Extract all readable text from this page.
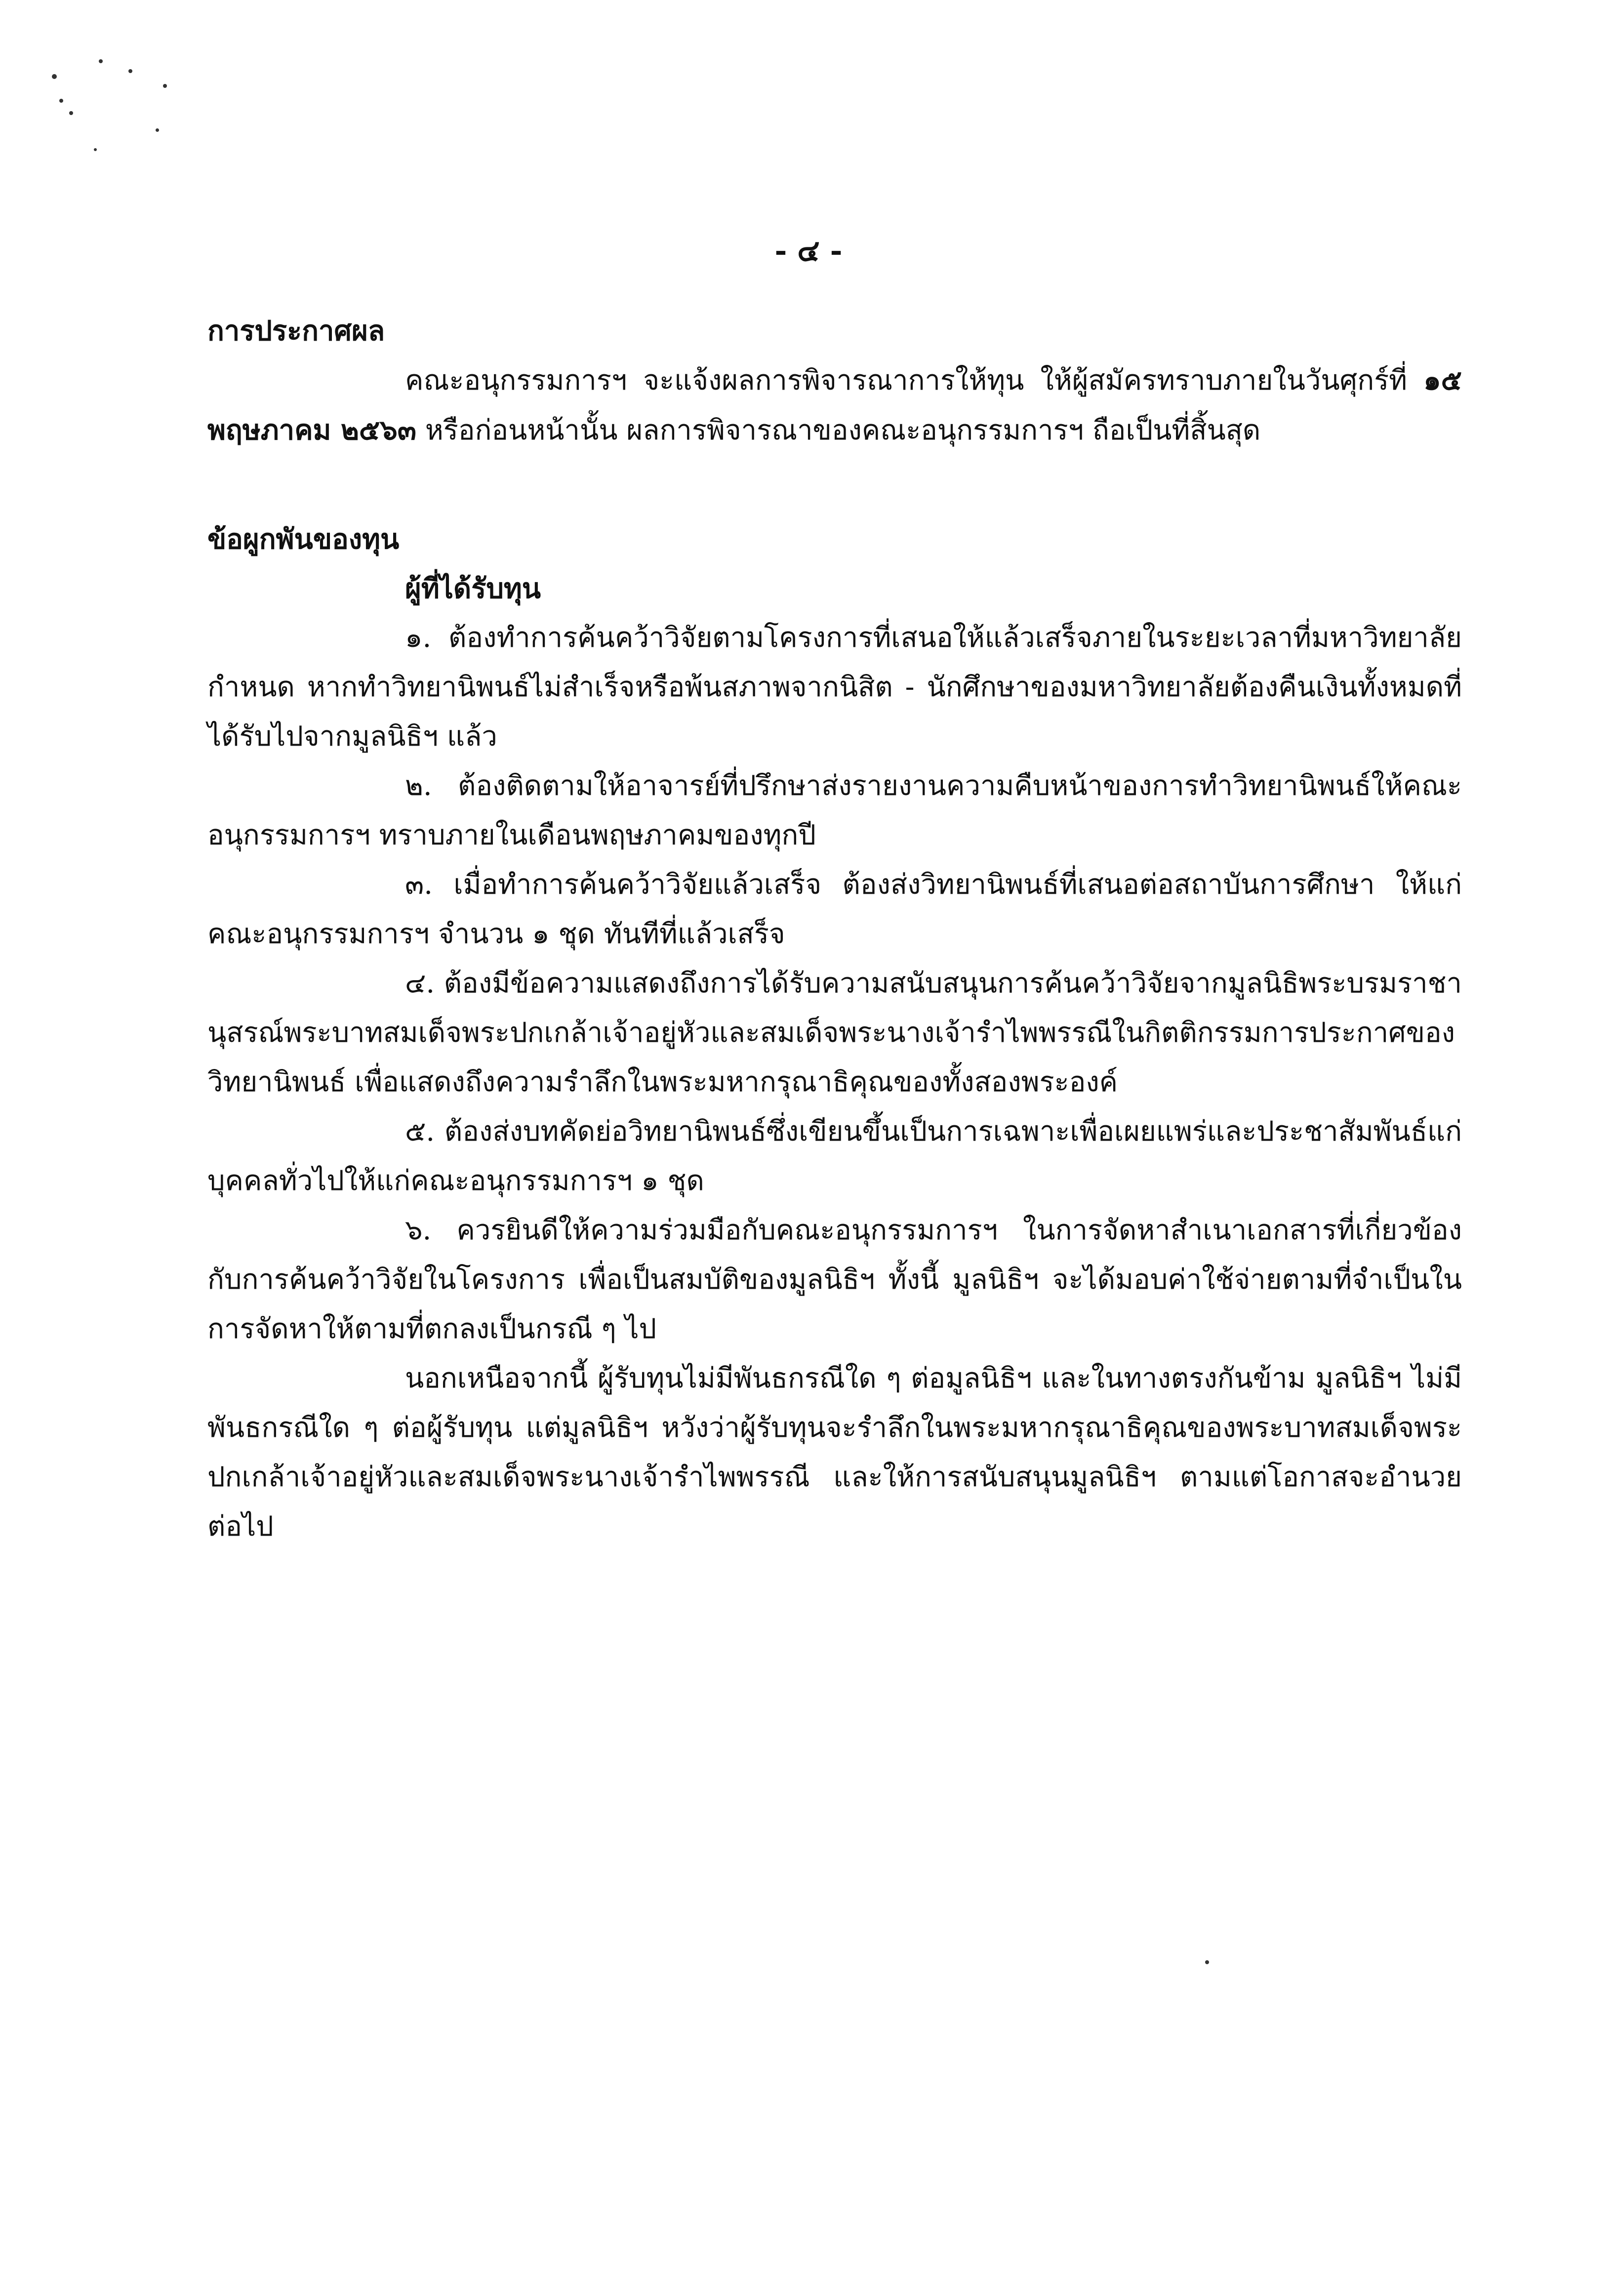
- ๔ -

การประกาศผล

คณะอนุกรรมการฯ จะแจ้งผลการพิจารณาการให้ทุน ให้ผู้สมัครทราบภายในวันศุกร์ที่ ๑๕ พฤษภาคม ๒๕๖๓ หรือก่อนหน้านั้น ผลการพิจารณาของคณะอนุกรรมการฯ ถือเป็นที่สิ้นสุด

ข้อผูกพันของทุน

ผู้ที่ได้รับทุน

๑. ต้องทำการค้นคว้าวิจัยตามโครงการที่เสนอให้แล้วเสร็จภายในระยะเวลาที่มหาวิทยาลัยกำหนด หากทำวิทยานิพนธ์ไม่สำเร็จหรือพ้นสภาพจากนิสิต - นักศึกษาของมหาวิทยาลัยต้องคืนเงินทั้งหมดที่ได้รับไปจากมูลนิธิฯ แล้ว

๒. ต้องติดตามให้อาจารย์ที่ปรึกษาส่งรายงานความคืบหน้าของการทำวิทยานิพนธ์ให้คณะอนุกรรมการฯ ทราบภายในเดือนพฤษภาคมของทุกปี

๓. เมื่อทำการค้นคว้าวิจัยแล้วเสร็จ ต้องส่งวิทยานิพนธ์ที่เสนอต่อสถาบันการศึกษา ให้แก่คณะอนุกรรมการฯ จำนวน ๑ ชุด ทันทีที่แล้วเสร็จ

๔. ต้องมีข้อความแสดงถึงการได้รับความสนับสนุนการค้นคว้าวิจัยจากมูลนิธิพระบรมราชานุสรณ์พระบาทสมเด็จพระปกเกล้าเจ้าอยู่หัวและสมเด็จพระนางเจ้ารำไพพรรณีในกิตติกรรมการประกาศของวิทยานิพนธ์ เพื่อแสดงถึงความรำลึกในพระมหากรุณาธิคุณของทั้งสองพระองค์

๕. ต้องส่งบทคัดย่อวิทยานิพนธ์ซึ่งเขียนขึ้นเป็นการเฉพาะเพื่อเผยแพร่และประชาสัมพันธ์แก่บุคคลทั่วไปให้แก่คณะอนุกรรมการฯ ๑ ชุด

๖. ควรยินดีให้ความร่วมมือกับคณะอนุกรรมการฯ ในการจัดหาสำเนาเอกสารที่เกี่ยวข้องกับการค้นคว้าวิจัยในโครงการ เพื่อเป็นสมบัติของมูลนิธิฯ ทั้งนี้ มูลนิธิฯ จะได้มอบค่าใช้จ่ายตามที่จำเป็นในการจัดหาให้ตามที่ตกลงเป็นกรณี ๆ ไป

นอกเหนือจากนี้ ผู้รับทุนไม่มีพันธกรณีใด ๆ ต่อมูลนิธิฯ และในทางตรงกันข้าม มูลนิธิฯ ไม่มีพันธกรณีใด ๆ ต่อผู้รับทุน แต่มูลนิธิฯ หวังว่าผู้รับทุนจะรำลึกในพระมหากรุณาธิคุณของพระบาทสมเด็จพระปกเกล้าเจ้าอยู่หัวและสมเด็จพระนางเจ้ารำไพพรรณี และให้การสนับสนุนมูลนิธิฯ ตามแต่โอกาสจะอำนวยต่อไป
